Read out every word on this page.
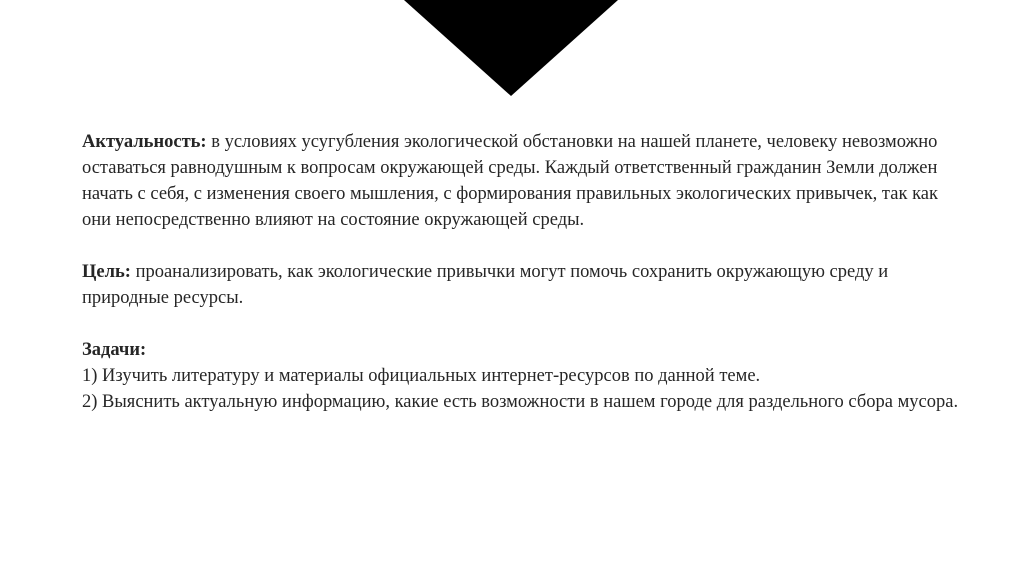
Актуальность: в условиях усугубления экологической обстановки на нашей планете, человеку невозможно оставаться равнодушным к вопросам окружающей среды. Каждый ответственный гражданин Земли должен начать с себя, с изменения своего мышления, с формирования правильных экологических привычек, так как они непосредственно влияют на состояние окружающей среды.

Цель: проанализировать, как экологические привычки могут помочь сохранить окружающую среду и природные ресурсы.

Задачи:

1) Изучить литературу и материалы официальных интернет-ресурсов по данной теме.

2) Выяснить актуальную информацию, какие есть возможности в нашем городе для раздельного сбора мусора.
